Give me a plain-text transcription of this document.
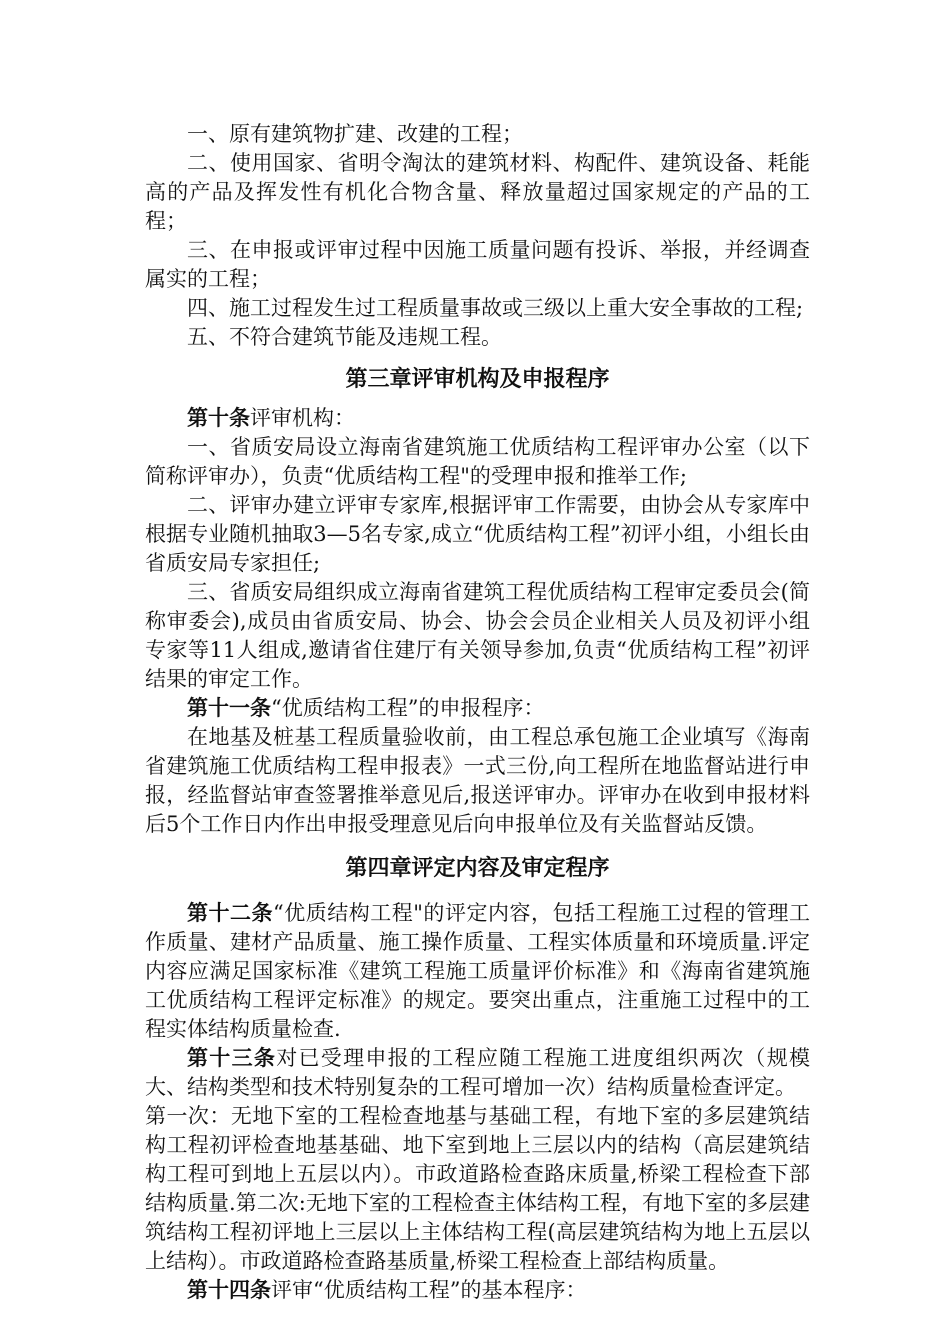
一、原有建筑物扩建、改建的工程；

二、使用国家、省明令淘汰的建筑材料、构配件、建筑设备、耗能高的产品及挥发性有机化合物含量、释放量超过国家规定的产品的工程；

三、在申报或评审过程中因施工质量问题有投诉、举报，并经调查属实的工程；

四、施工过程发生过工程质量事故或三级以上重大安全事故的工程;

五、不符合建筑节能及违规工程。

第三章评审机构及申报程序

第十条评审机构：

一、省质安局设立海南省建筑施工优质结构工程评审办公室（以下简称评审办），负责“优质结构工程"的受理申报和推举工作;

二、评审办建立评审专家库,根据评审工作需要，由协会从专家库中根据专业随机抽取3—5名专家,成立“优质结构工程”初评小组，小组长由省质安局专家担任;

三、省质安局组织成立海南省建筑工程优质结构工程审定委员会(简称审委会),成员由省质安局、协会、协会会员企业相关人员及初评小组专家等11人组成,邀请省住建厅有关领导参加,负责“优质结构工程”初评结果的审定工作。

第十一条“优质结构工程”的申报程序：

在地基及桩基工程质量验收前，由工程总承包施工企业填写《海南省建筑施工优质结构工程申报表》一式三份,向工程所在地监督站进行申报，经监督站审查签署推举意见后,报送评审办。评审办在收到申报材料后5个工作日内作出申报受理意见后向申报单位及有关监督站反馈。

第四章评定内容及审定程序

第十二条“优质结构工程"的评定内容，包括工程施工过程的管理工作质量、建材产品质量、施工操作质量、工程实体质量和环境质量.评定内容应满足国家标准《建筑工程施工质量评价标准》和《海南省建筑施工优质结构工程评定标准》的规定。要突出重点，注重施工过程中的工程实体结构质量检查.

第十三条对已受理申报的工程应随工程施工进度组织两次（规模大、结构类型和技术特别复杂的工程可增加一次）结构质量检查评定。

第一次：无地下室的工程检查地基与基础工程，有地下室的多层建筑结构工程初评检查地基基础、地下室到地上三层以内的结构（高层建筑结构工程可到地上五层以内）。市政道路检查路床质量,桥梁工程检查下部结构质量.第二次:无地下室的工程检查主体结构工程，有地下室的多层建筑结构工程初评地上三层以上主体结构工程(高层建筑结构为地上五层以上结构）。市政道路检查路基质量,桥梁工程检查上部结构质量。

第十四条评审“优质结构工程”的基本程序：
